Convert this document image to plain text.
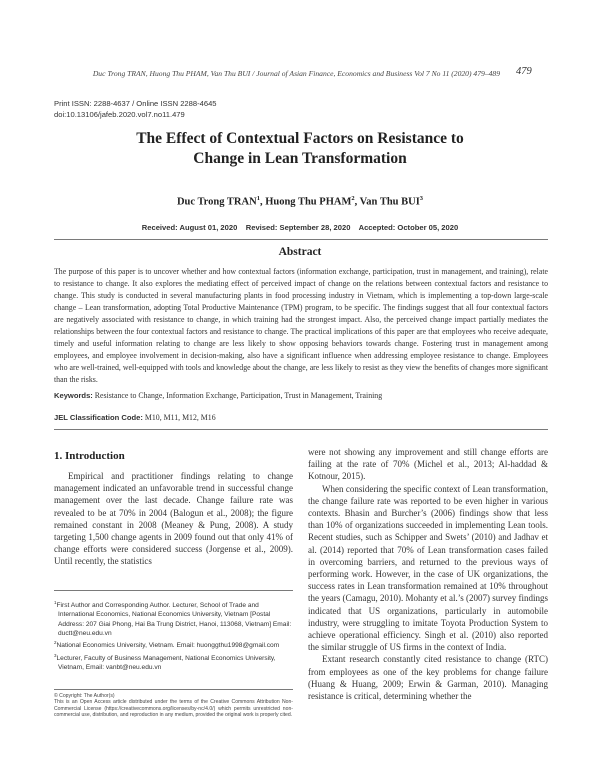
Duc Trong TRAN, Huong Thu PHAM, Van Thu BUI / Journal of Asian Finance, Economics and Business Vol 7 No 11 (2020) 479–489 479
Print ISSN: 2288-4637 / Online ISSN 2288-4645
doi:10.13106/jafeb.2020.vol7.no11.479
The Effect of Contextual Factors on Resistance to
Change in Lean Transformation
Duc Trong TRAN$^1$, Huong Thu PHAM$^2$, Van Thu BUI$^3$
Received: August 01, 2020    Revised: September 28, 2020    Accepted: October 05, 2020
Abstract
The purpose of this paper is to uncover whether and how contextual factors (information exchange, participation, trust in management, and training), relate to resistance to change. It also explores the mediating effect of perceived impact of change on the relations between contextual factors and resistance to change. This study is conducted in several manufacturing plants in food processing industry in Vietnam, which is implementing a top-down large-scale change – Lean transformation, adopting Total Productive Maintenance (TPM) program, to be specific. The findings suggest that all four contextual factors are negatively associated with resistance to change, in which training had the strongest impact. Also, the perceived change impact partially mediates the relationships between the four contextual factors and resistance to change. The practical implications of this paper are that employees who receive adequate, timely and useful information relating to change are less likely to show opposing behaviors towards change. Fostering trust in management among employees, and employee involvement in decision-making, also have a significant influence when addressing employee resistance to change. Employees who are well-trained, well-equipped with tools and knowledge about the change, are less likely to resist as they view the benefits of changes more significant than the risks.
Keywords: Resistance to Change, Information Exchange, Participation, Trust in Management, Training
JEL Classification Code: M10, M11, M12, M16
1. Introduction

Empirical and practitioner findings relating to change management indicated an unfavorable trend in successful change management over the last decade. Change failure rate was revealed to be at 70% in 2004 (Balogun et al., 2008); the figure remained constant in 2008 (Meaney & Pung, 2008). A study targeting 1,500 change agents in 2009 found out that only 41% of change efforts were considered success (Jorgense et al., 2009). Until recently, the statistics

$^1$First Author and Corresponding Author. Lecturer, School of Trade and International Economics, National Economics University, Vietnam [Postal Address: 207 Giai Phong, Hai Ba Trung District, Hanoi, 113068, Vietnam] Email: ductt@neu.edu.vn

$^2$National Economics University, Vietnam. Email: huonggthu1998@gmail.com

$^3$Lecturer, Faculty of Business Management, National Economics University, Vietnam, Email: vanbt@neu.edu.vn

© Copyright: The Author(s)

This is an Open Access article distributed under the terms of the Creative Commons Attribution Non-Commercial License (https://creativecommons.org/licenses/by-nc/4.0/) which permits unrestricted non-commercial use, distribution, and reproduction in any medium, provided the original work is properly cited.

were not showing any improvement and still change efforts are failing at the rate of 70% (Michel et al., 2013; Al-haddad & Kotnour, 2015).

When considering the specific context of Lean transformation, the change failure rate was reported to be even higher in various contexts. Bhasin and Burcher’s (2006) findings show that less than 10% of organizations succeeded in implementing Lean tools. Recent studies, such as Schipper and Swets’ (2010) and Jadhav et al. (2014) reported that 70% of Lean transformation cases failed in overcoming barriers, and returned to the previous ways of performing work. However, in the case of UK organizations, the success rates in Lean transformation remained at 10% throughout the years (Camagu, 2010). Mohanty et al.’s (2007) survey findings indicated that US organizations, particularly in automobile industry, were struggling to imitate Toyota Production System to achieve operational efficiency. Singh et al. (2010) also reported the similar struggle of US firms in the context of India.

Extant research constantly cited resistance to change (RTC) from employees as one of the key problems for change failure (Huang & Huang, 2009; Erwin & Garman, 2010). Managing resistance is critical, determining whether the
